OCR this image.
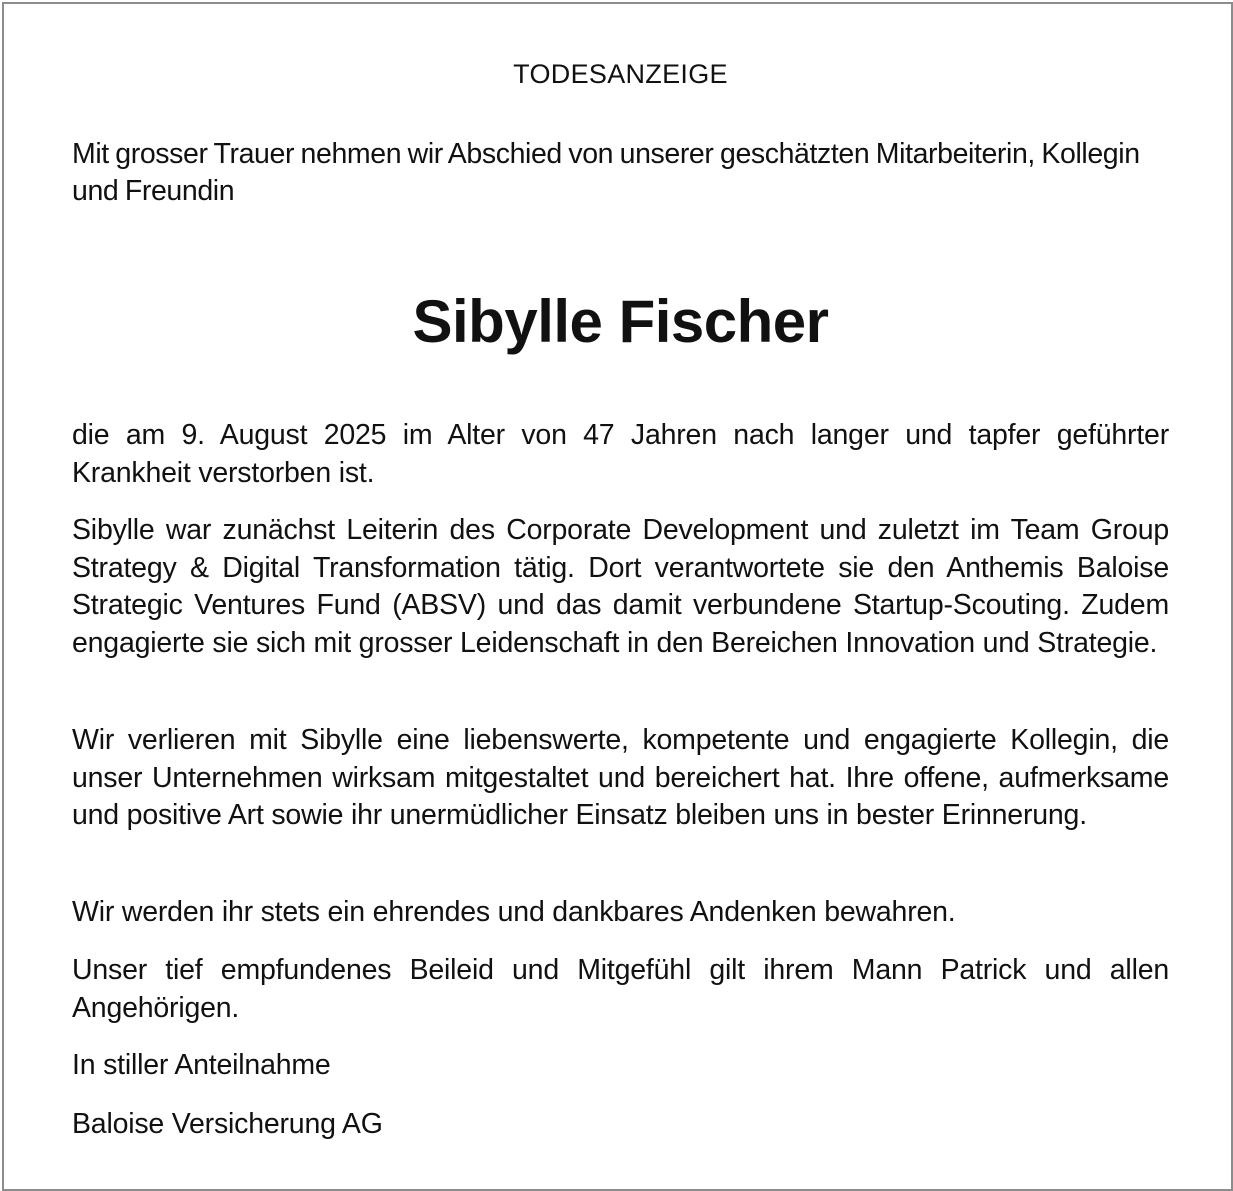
TODESANZEIGE

Mit grosser Trauer nehmen wir Abschied von unserer geschätzten Mitarbeiterin, Kollegin und Freundin

Sibylle Fischer

die am 9. August 2025 im Alter von 47 Jahren nach langer und tapfer geführter Krankheit verstorben ist.

Sibylle war zunächst Leiterin des Corporate Development und zuletzt im Team Group Strategy & Digital Transformation tätig. Dort verantwortete sie den Anthemis Baloise Strategic Ventures Fund (ABSV) und das damit verbundene Startup-Scouting. Zudem engagierte sie sich mit grosser Leidenschaft in den Bereichen Innovation und Strategie.

Wir verlieren mit Sibylle eine liebenswerte, kompetente und engagierte Kollegin, die unser Unternehmen wirksam mitgestaltet und bereichert hat. Ihre offene, aufmerksame und positive Art sowie ihr unermüdlicher Einsatz bleiben uns in bester Erinnerung.

Wir werden ihr stets ein ehrendes und dankbares Andenken bewahren.

Unser tief empfundenes Beileid und Mitgefühl gilt ihrem Mann Patrick und allen Angehörigen.

In stiller Anteilnahme

Baloise Versicherung AG
